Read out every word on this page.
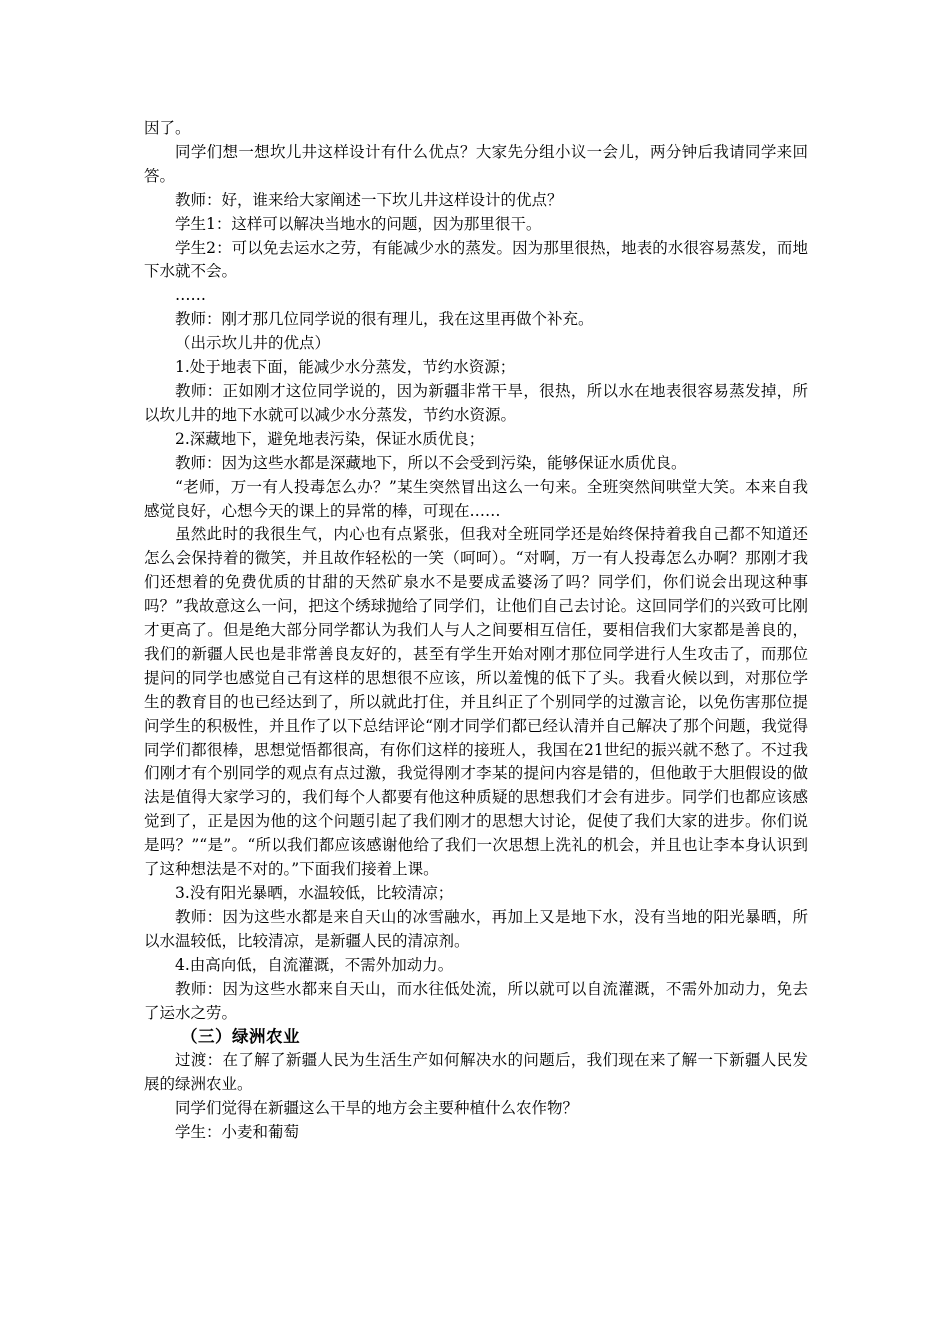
因了。

同学们想一想坎儿井这样设计有什么优点？大家先分组小议一会儿，两分钟后我请同学来回答。

教师：好，谁来给大家阐述一下坎儿井这样设计的优点？

学生1：这样可以解决当地水的问题，因为那里很干。

学生2：可以免去运水之劳，有能减少水的蒸发。因为那里很热，地表的水很容易蒸发，而地下水就不会。

……

教师：刚才那几位同学说的很有理儿，我在这里再做个补充。

（出示坎儿井的优点）

1.处于地表下面，能减少水分蒸发，节约水资源；

教师：正如刚才这位同学说的，因为新疆非常干旱，很热，所以水在地表很容易蒸发掉，所以坎儿井的地下水就可以减少水分蒸发，节约水资源。

2.深藏地下，避免地表污染，保证水质优良；

教师：因为这些水都是深藏地下，所以不会受到污染，能够保证水质优良。

“老师，万一有人投毒怎么办？”某生突然冒出这么一句来。全班突然间哄堂大笑。本来自我感觉良好，心想今天的课上的异常的棒，可现在……

虽然此时的我很生气，内心也有点紧张，但我对全班同学还是始终保持着我自己都不知道还怎么会保持着的微笑，并且故作轻松的一笑（呵呵）。“对啊，万一有人投毒怎么办啊？那刚才我们还想着的免费优质的甘甜的天然矿泉水不是要成孟婆汤了吗？同学们，你们说会出现这种事吗？”我故意这么一问，把这个绣球抛给了同学们，让他们自己去讨论。这回同学们的兴致可比刚才更高了。但是绝大部分同学都认为我们人与人之间要相互信任，要相信我们大家都是善良的，我们的新疆人民也是非常善良友好的，甚至有学生开始对刚才那位同学进行人生攻击了，而那位提问的同学也感觉自己有这样的思想很不应该，所以羞愧的低下了头。我看火候以到，对那位学生的教育目的也已经达到了，所以就此打住，并且纠正了个别同学的过激言论，以免伤害那位提问学生的积极性，并且作了以下总结评论“刚才同学们都已经认清并自己解决了那个问题，我觉得同学们都很棒，思想觉悟都很高，有你们这样的接班人，我国在21世纪的振兴就不愁了。不过我们刚才有个别同学的观点有点过激，我觉得刚才李某的提问内容是错的，但他敢于大胆假设的做法是值得大家学习的，我们每个人都要有他这种质疑的思想我们才会有进步。同学们也都应该感觉到了，正是因为他的这个问题引起了我们刚才的思想大讨论，促使了我们大家的进步。你们说是吗？”“是”。“所以我们都应该感谢他给了我们一次思想上洗礼的机会，并且也让李本身认识到了这种想法是不对的。”下面我们接着上课。

3.没有阳光暴晒，水温较低，比较清凉；

教师：因为这些水都是来自天山的冰雪融水，再加上又是地下水，没有当地的阳光暴晒，所以水温较低，比较清凉，是新疆人民的清凉剂。

4.由高向低，自流灌溉，不需外加动力。

教师：因为这些水都来自天山，而水往低处流，所以就可以自流灌溉，不需外加动力，免去了运水之劳。

（三）绿洲农业

过渡：在了解了新疆人民为生活生产如何解决水的问题后，我们现在来了解一下新疆人民发展的绿洲农业。

同学们觉得在新疆这么干旱的地方会主要种植什么农作物？

学生：小麦和葡萄
